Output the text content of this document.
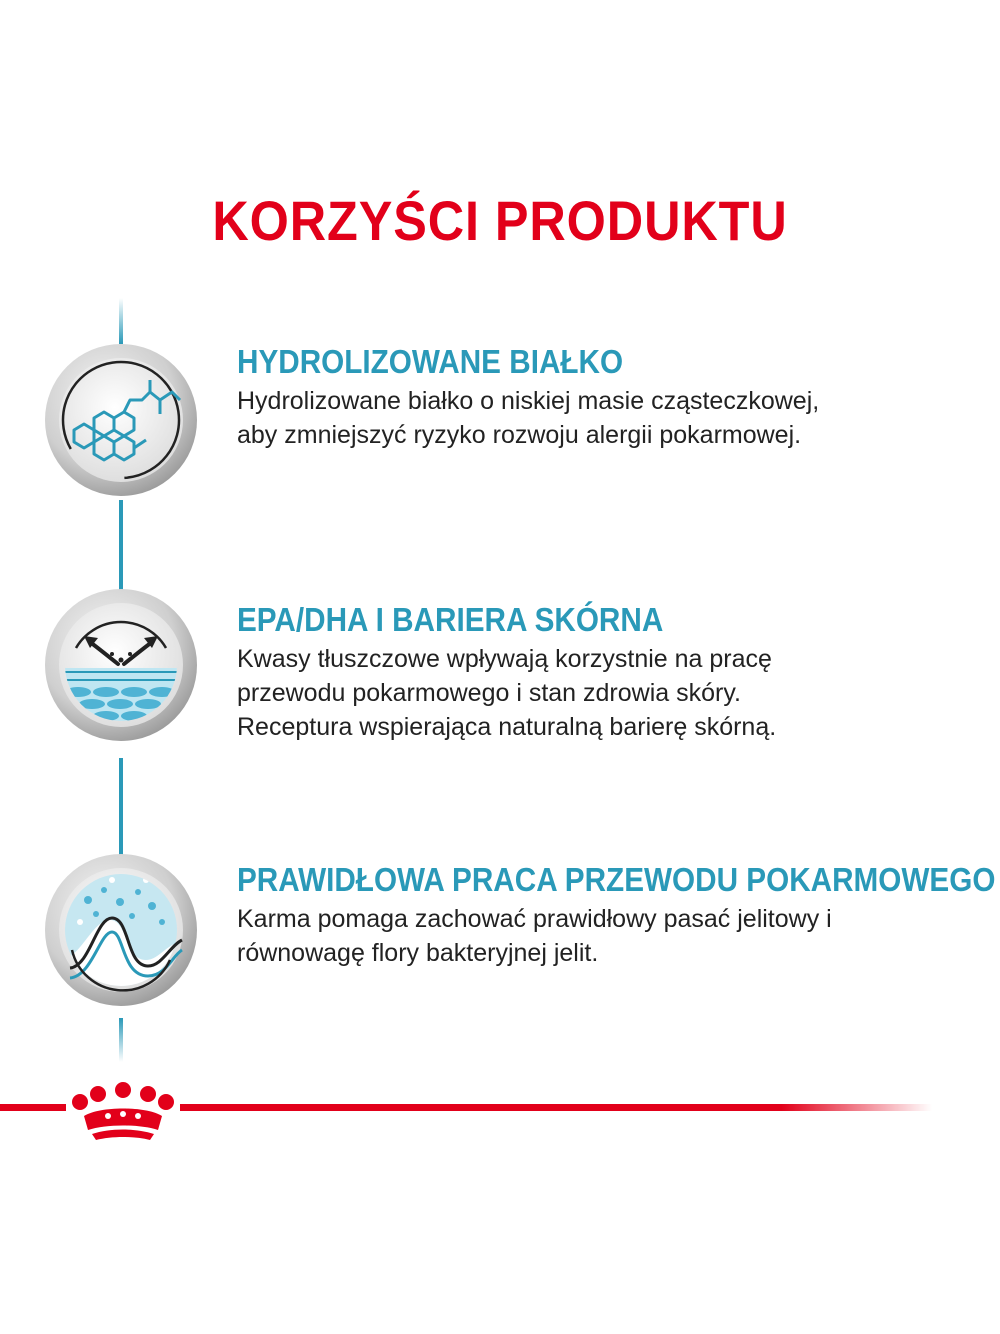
KORZYŚCI PRODUKTU
HYDROLIZOWANE BIAŁKO

Hydrolizowane białko o niskiej masie cząsteczkowej,
aby zmniejszyć ryzyko rozwoju alergii pokarmowej.

EPA/DHA I BARIERA SKÓRNA

Kwasy tłuszczowe wpływają korzystnie na pracę
przewodu pokarmowego i stan zdrowia skóry.
Receptura wspierająca naturalną barierę skórną.

PRAWIDŁOWA PRACA PRZEWODU POKARMOWEGO

Karma pomaga zachować prawidłowy pasać jelitowy i
równowagę flory bakteryjnej jelit.
